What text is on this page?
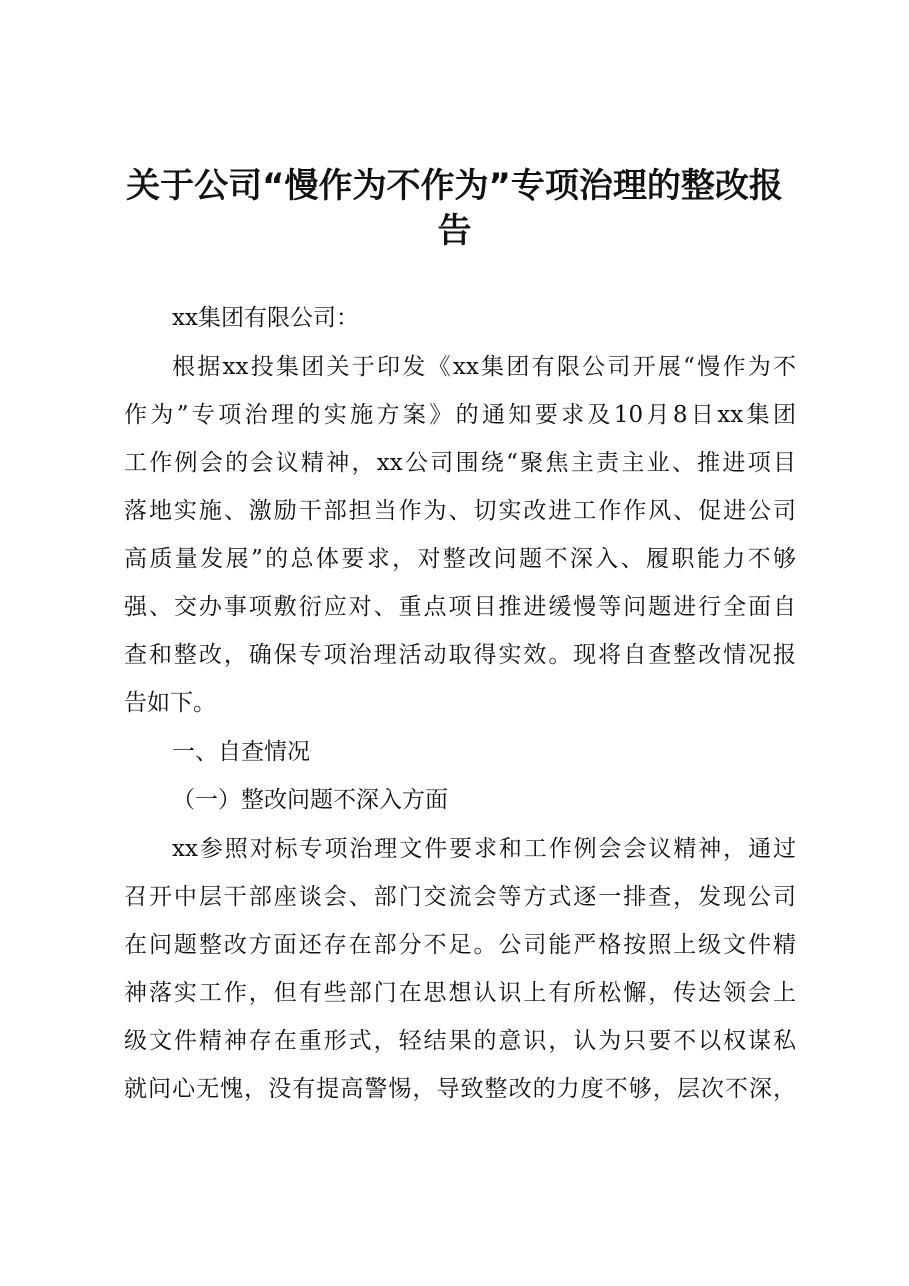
关于公司“慢作为不作为”专项治理的整改报
告

xx集团有限公司：

根据xx投集团关于印发《xx集团有限公司开展“慢作为不

作为”专项治理的实施方案》的通知要求及10月8日xx集团

工作例会的会议精神，xx公司围绕“聚焦主责主业、推进项目

落地实施、激励干部担当作为、切实改进工作作风、促进公司

高质量发展”的总体要求，对整改问题不深入、履职能力不够

强、交办事项敷衍应对、重点项目推进缓慢等问题进行全面自

查和整改，确保专项治理活动取得实效。现将自查整改情况报

告如下。

一、自查情况

（一）整改问题不深入方面

xx参照对标专项治理文件要求和工作例会会议精神，通过

召开中层干部座谈会、部门交流会等方式逐一排查，发现公司

在问题整改方面还存在部分不足。公司能严格按照上级文件精

神落实工作，但有些部门在思想认识上有所松懈，传达领会上

级文件精神存在重形式，轻结果的意识，认为只要不以权谋私

就问心无愧，没有提高警惕，导致整改的力度不够，层次不深，
